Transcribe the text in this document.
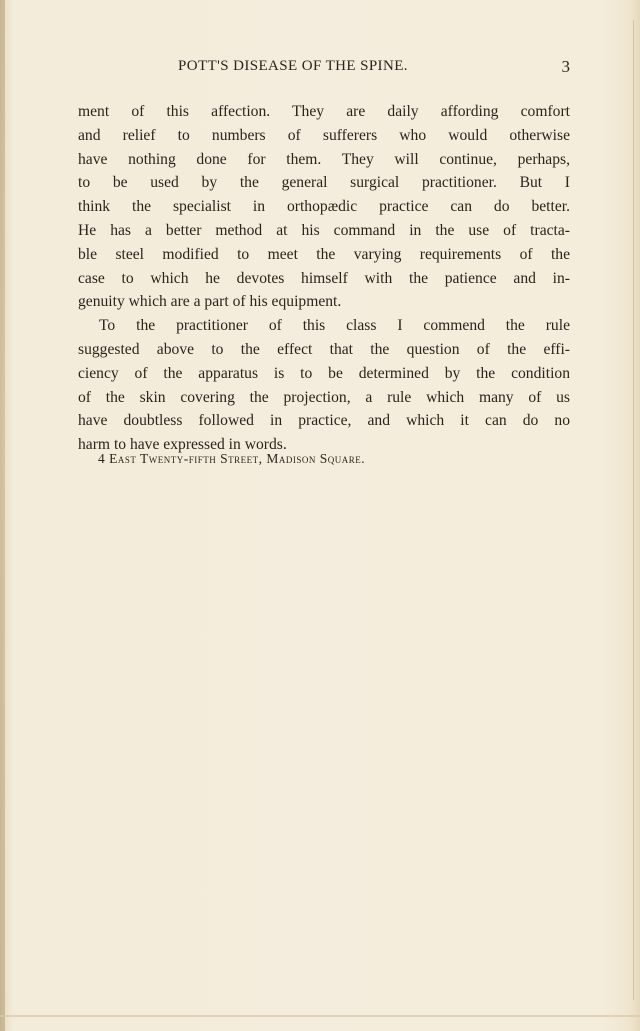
POTT'S DISEASE OF THE SPINE.	3
ment of this affection. They are daily affording comfort
and relief to numbers of sufferers who would otherwise
have nothing done for them. They will continue, perhaps,
to be used by the general surgical practitioner. But I
think the specialist in orthopædic practice can do better.
He has a better method at his command in the use of tracta-
ble steel modified to meet the varying requirements of the
case to which he devotes himself with the patience and in-
genuity which are a part of his equipment.
To the practitioner of this class I commend the rule
suggested above to the effect that the question of the effi-
ciency of the apparatus is to be determined by the condition
of the skin covering the projection, a rule which many of us
have doubtless followed in practice, and which it can do no
harm to have expressed in words.
4 East Twenty-fifth Street, Madison Square.
